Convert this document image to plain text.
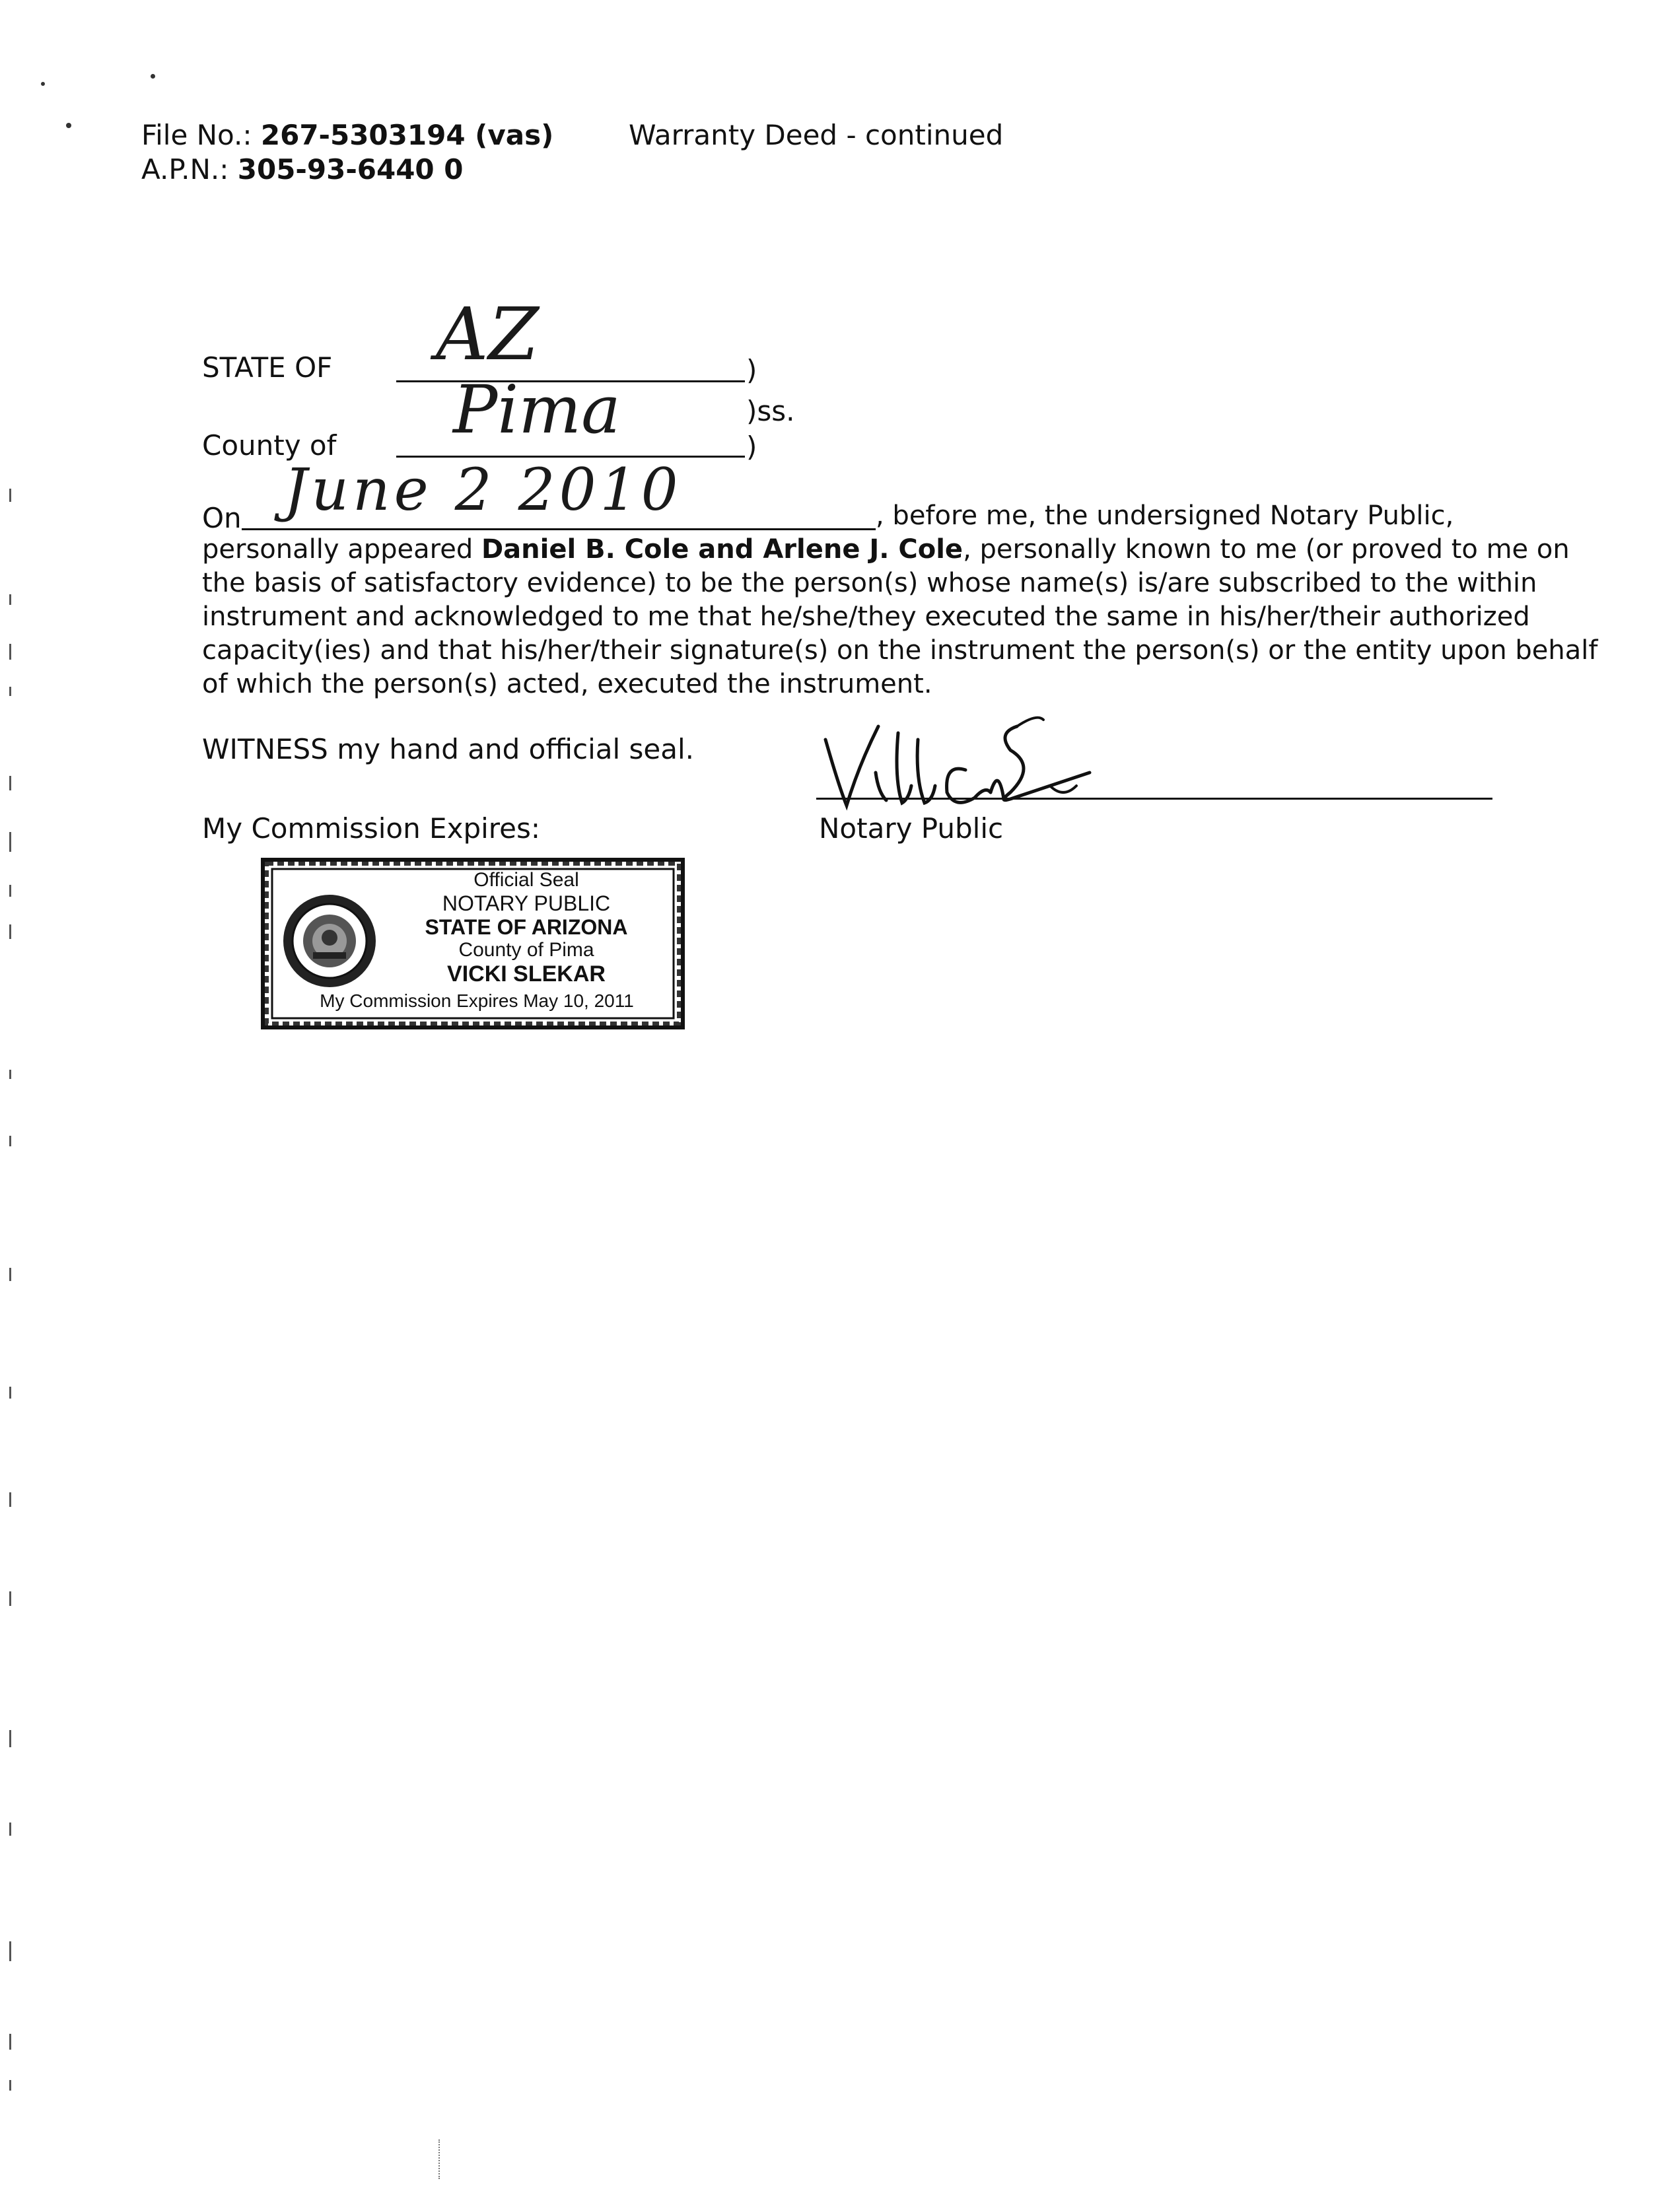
File No.: 267-5303194 (vas)
A.P.N.: 305-93-6440 0
Warranty Deed - continued
STATE OF AZ	)
)ss.
County of Pima	)
On June 2 2010	, before me, the undersigned Notary Public,
personally appeared Daniel B. Cole and Arlene J. Cole, personally known to me (or proved to me on
the basis of satisfactory evidence) to be the person(s) whose name(s) is/are subscribed to the within
instrument and acknowledged to me that he/she/they executed the same in his/her/their authorized
capacity(ies) and that his/her/their signature(s) on the instrument the person(s) or the entity upon behalf
of which the person(s) acted, executed the instrument.
WITNESS my hand and official seal.
Notary Public
My Commission Expires:
Official Seal
NOTARY PUBLIC
STATE OF ARIZONA
County of Pima
VICKI SLEKAR
My Commission Expires May 10, 2011
